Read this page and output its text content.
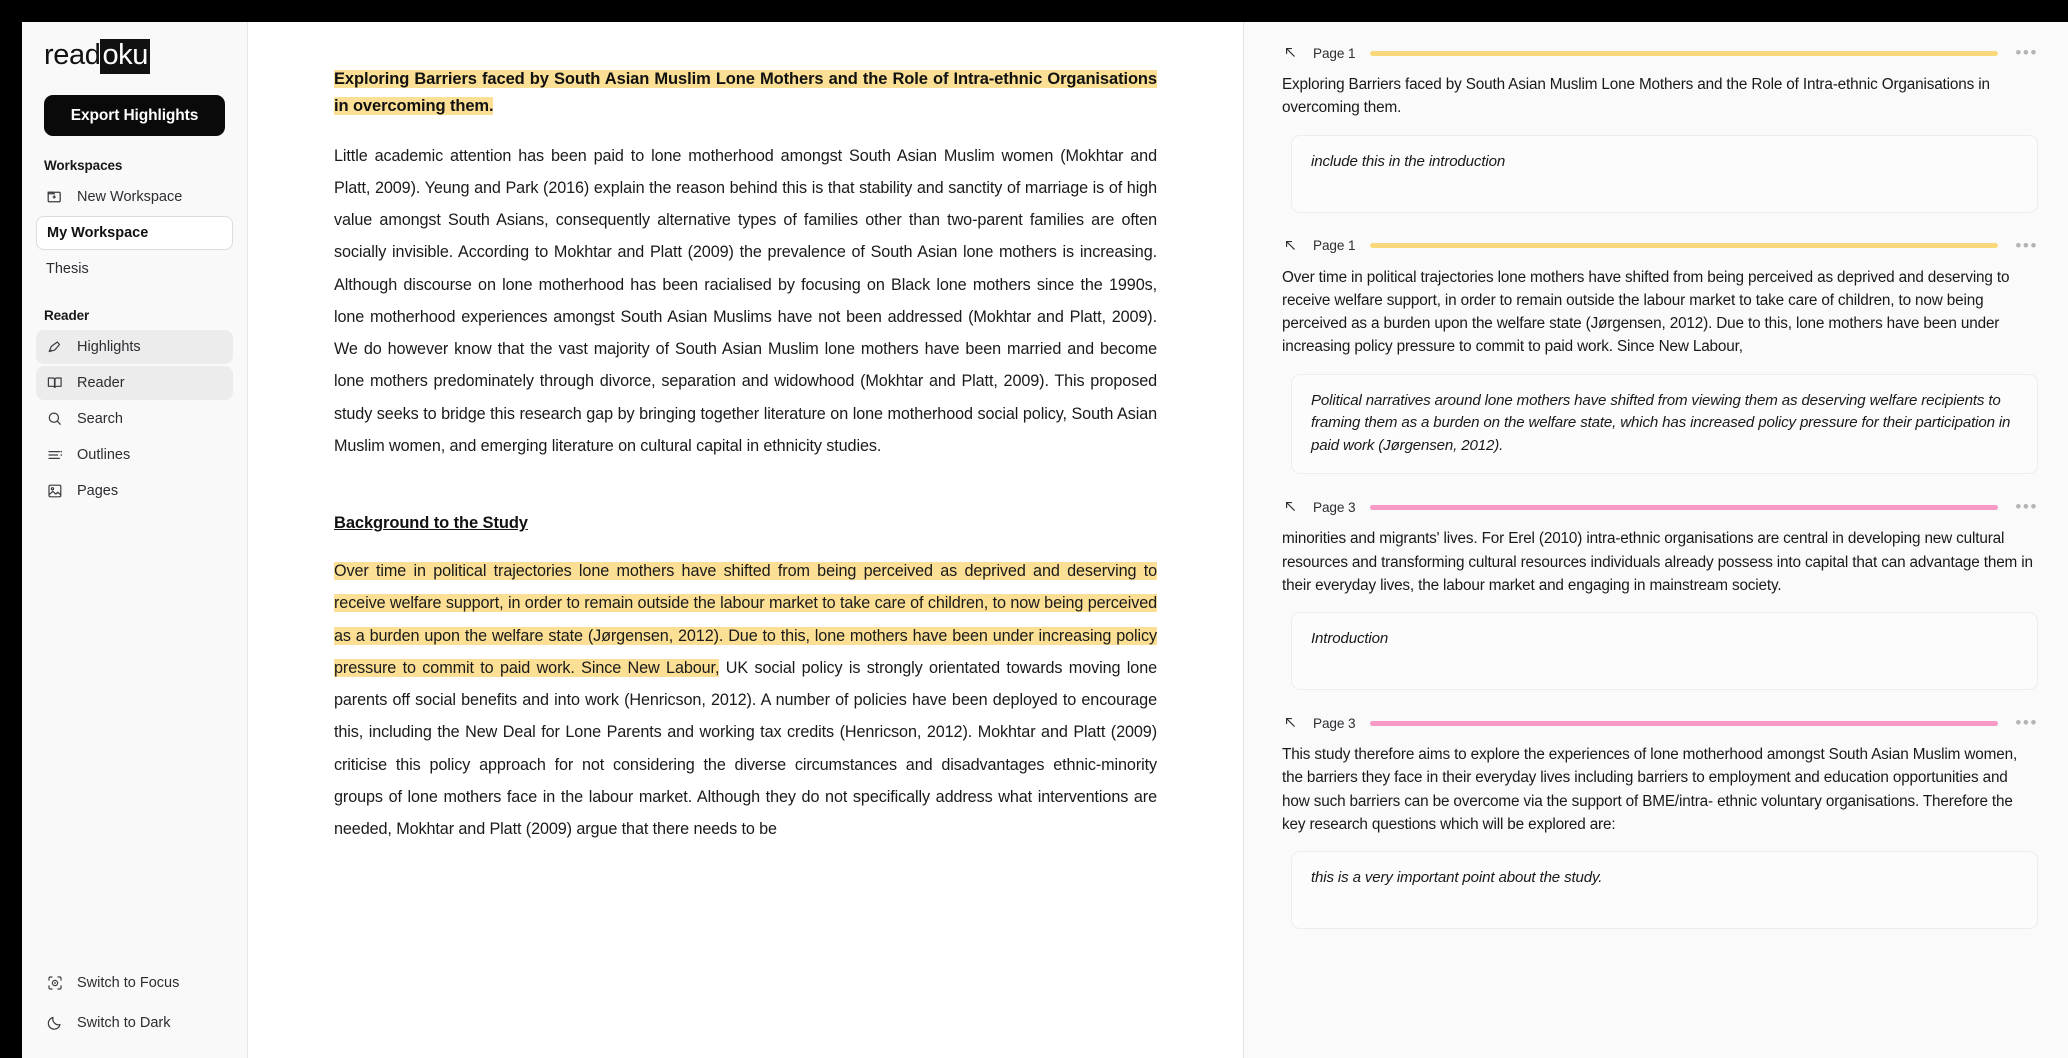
read oku
Export Highlights
Workspaces
New Workspace
My Workspace
Thesis
Reader
Highlights
Reader
Search
Outlines
Pages
Switch to Focus
Switch to Dark
Exploring Barriers faced by South Asian Muslim Lone Mothers and the Role of Intra-ethnic Organisations in overcoming them.

Little academic attention has been paid to lone motherhood amongst South Asian Muslim women (Mokhtar and Platt, 2009). Yeung and Park (2016) explain the reason behind this is that stability and sanctity of marriage is of high value amongst South Asians, consequently alternative types of families other than two-parent families are often socially invisible. According to Mokhtar and Platt (2009) the prevalence of South Asian lone mothers is increasing. Although discourse on lone motherhood has been racialised by focusing on Black lone mothers since the 1990s, lone motherhood experiences amongst South Asian Muslims have not been addressed (Mokhtar and Platt, 2009). We do however know that the vast majority of South Asian Muslim lone mothers have been married and become lone mothers predominately through divorce, separation and widowhood (Mokhtar and Platt, 2009). This proposed study seeks to bridge this research gap by bringing together literature on lone motherhood social policy, South Asian Muslim women, and emerging literature on cultural capital in ethnicity studies.

Background to the Study

Over time in political trajectories lone mothers have shifted from being perceived as deprived and deserving to receive welfare support, in order to remain outside the labour market to take care of children, to now being perceived as a burden upon the welfare state (Jørgensen, 2012). Due to this, lone mothers have been under increasing policy pressure to commit to paid work. Since New Labour, UK social policy is strongly orientated towards moving lone parents off social benefits and into work (Henricson, 2012). A number of policies have been deployed to encourage this, including the New Deal for Lone Parents and working tax credits (Henricson, 2012). Mokhtar and Platt (2009) criticise this policy approach for not considering the diverse circumstances and disadvantages ethnic-minority groups of lone mothers face in the labour market. Although they do not specifically address what interventions are needed, Mokhtar and Platt (2009) argue that there needs to be

Page 1	•••
Exploring Barriers faced by South Asian Muslim Lone Mothers and the Role of Intra-ethnic Organisations in overcoming them.
include this in the introduction
Page 1	•••
Over time in political trajectories lone mothers have shifted from being perceived as deprived and deserving to receive welfare support, in order to remain outside the labour market to take care of children, to now being perceived as a burden upon the welfare state (Jørgensen, 2012). Due to this, lone mothers have been under increasing policy pressure to commit to paid work. Since New Labour,
Political narratives around lone mothers have shifted from viewing them as deserving welfare recipients to framing them as a burden on the welfare state, which has increased policy pressure for their participation in paid work (Jørgensen, 2012).
Page 3	•••
minorities and migrants' lives. For Erel (2010) intra-ethnic organisations are central in developing new cultural resources and transforming cultural resources individuals already possess into capital that can advantage them in their everyday lives, the labour market and engaging in mainstream society.
Introduction
Page 3	•••
This study therefore aims to explore the experiences of lone motherhood amongst South Asian Muslim women, the barriers they face in their everyday lives including barriers to employment and education opportunities and how such barriers can be overcome via the support of BME/intra- ethnic voluntary organisations. Therefore the key research questions which will be explored are:
this is a very important point about the study.
